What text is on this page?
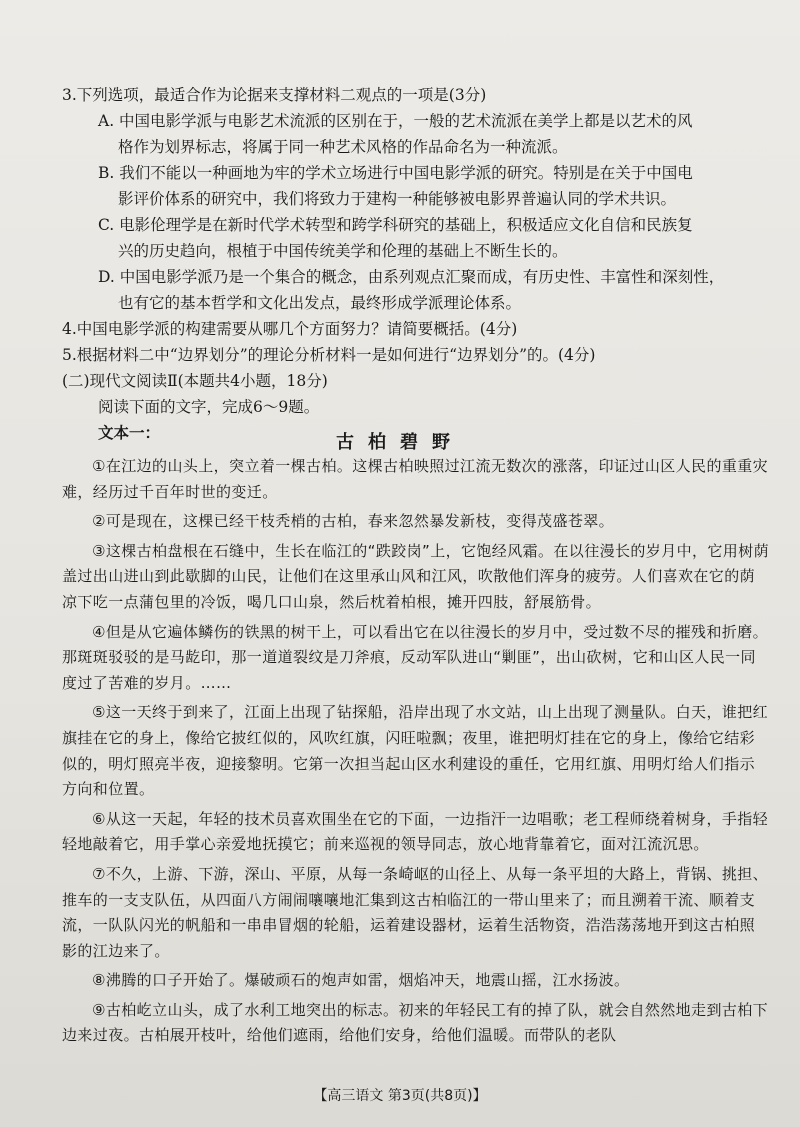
3.下列选项，最适合作为论据来支撑材料二观点的一项是(3分)

A. 中国电影学派与电影艺术流派的区别在于，一般的艺术流派在美学上都是以艺术的风

格作为划界标志，将属于同一种艺术风格的作品命名为一种流派。

B. 我们不能以一种画地为牢的学术立场进行中国电影学派的研究。特别是在关于中国电

影评价体系的研究中，我们将致力于建构一种能够被电影界普遍认同的学术共识。

C. 电影伦理学是在新时代学术转型和跨学科研究的基础上，积极适应文化自信和民族复

兴的历史趋向，根植于中国传统美学和伦理的基础上不断生长的。

D. 中国电影学派乃是一个集合的概念，由系列观点汇聚而成，有历史性、丰富性和深刻性，

也有它的基本哲学和文化出发点，最终形成学派理论体系。

4.中国电影学派的构建需要从哪几个方面努力？请简要概括。(4分)

5.根据材料二中“边界划分”的理论分析材料一是如何进行“边界划分”的。(4分)

(二)现代文阅读Ⅱ(本题共4小题，18分)

阅读下面的文字，完成6～9题。

文本一：	古柏碧野

①在江边的山头上，突立着一棵古柏。这棵古柏映照过江流无数次的涨落，印证过山区人民的重重灾难，经历过千百年时世的变迁。

②可是现在，这棵已经干枝秃梢的古柏，春来忽然暴发新枝，变得茂盛苍翠。

③这棵古柏盘根在石缝中，生长在临江的“跌跤岗”上，它饱经风霜。在以往漫长的岁月中，它用树荫盖过出山进山到此歇脚的山民，让他们在这里承山风和江风，吹散他们浑身的疲劳。人们喜欢在它的荫凉下吃一点蒲包里的冷饭，喝几口山泉，然后枕着柏根，摊开四肢，舒展筋骨。

④但是从它遍体鳞伤的铁黑的树干上，可以看出它在以往漫长的岁月中，受过数不尽的摧残和折磨。那斑斑驳驳的是马龁印，那一道道裂纹是刀斧痕，反动军队进山“剿匪”，出山砍树，它和山区人民一同度过了苦难的岁月。……

⑤这一天终于到来了，江面上出现了钻探船，沿岸出现了水文站，山上出现了测量队。白天，谁把红旗挂在它的身上，像给它披红似的，风吹红旗，闪旺啦飘；夜里，谁把明灯挂在它的身上，像给它结彩似的，明灯照亮半夜，迎接黎明。它第一次担当起山区水利建设的重任，它用红旗、用明灯给人们指示方向和位置。

⑥从这一天起，年轻的技术员喜欢围坐在它的下面，一边指汗一边唱歌；老工程师绕着树身，手指轻轻地敲着它，用手掌心亲爱地抚摸它；前来巡视的领导同志，放心地背靠着它，面对江流沉思。

⑦不久，上游、下游，深山、平原，从每一条崎岖的山径上、从每一条平坦的大路上，背锅、挑担、推车的一支支队伍，从四面八方闹闹嚷嚷地汇集到这古柏临江的一带山里来了；而且溯着干流、顺着支流，一队队闪光的帆船和一串串冒烟的轮船，运着建设器材，运着生活物资，浩浩荡荡地开到这古柏照影的江边来了。

⑧沸腾的口子开始了。爆破顽石的炮声如雷，烟焰冲天，地震山摇，江水扬波。

⑨古柏屹立山头，成了水利工地突出的标志。初来的年轻民工有的掉了队，就会自然然地走到古柏下边来过夜。古柏展开枝叶，给他们遮雨，给他们安身，给他们温暖。而带队的老队

【高三语文 第3页(共8页)】
